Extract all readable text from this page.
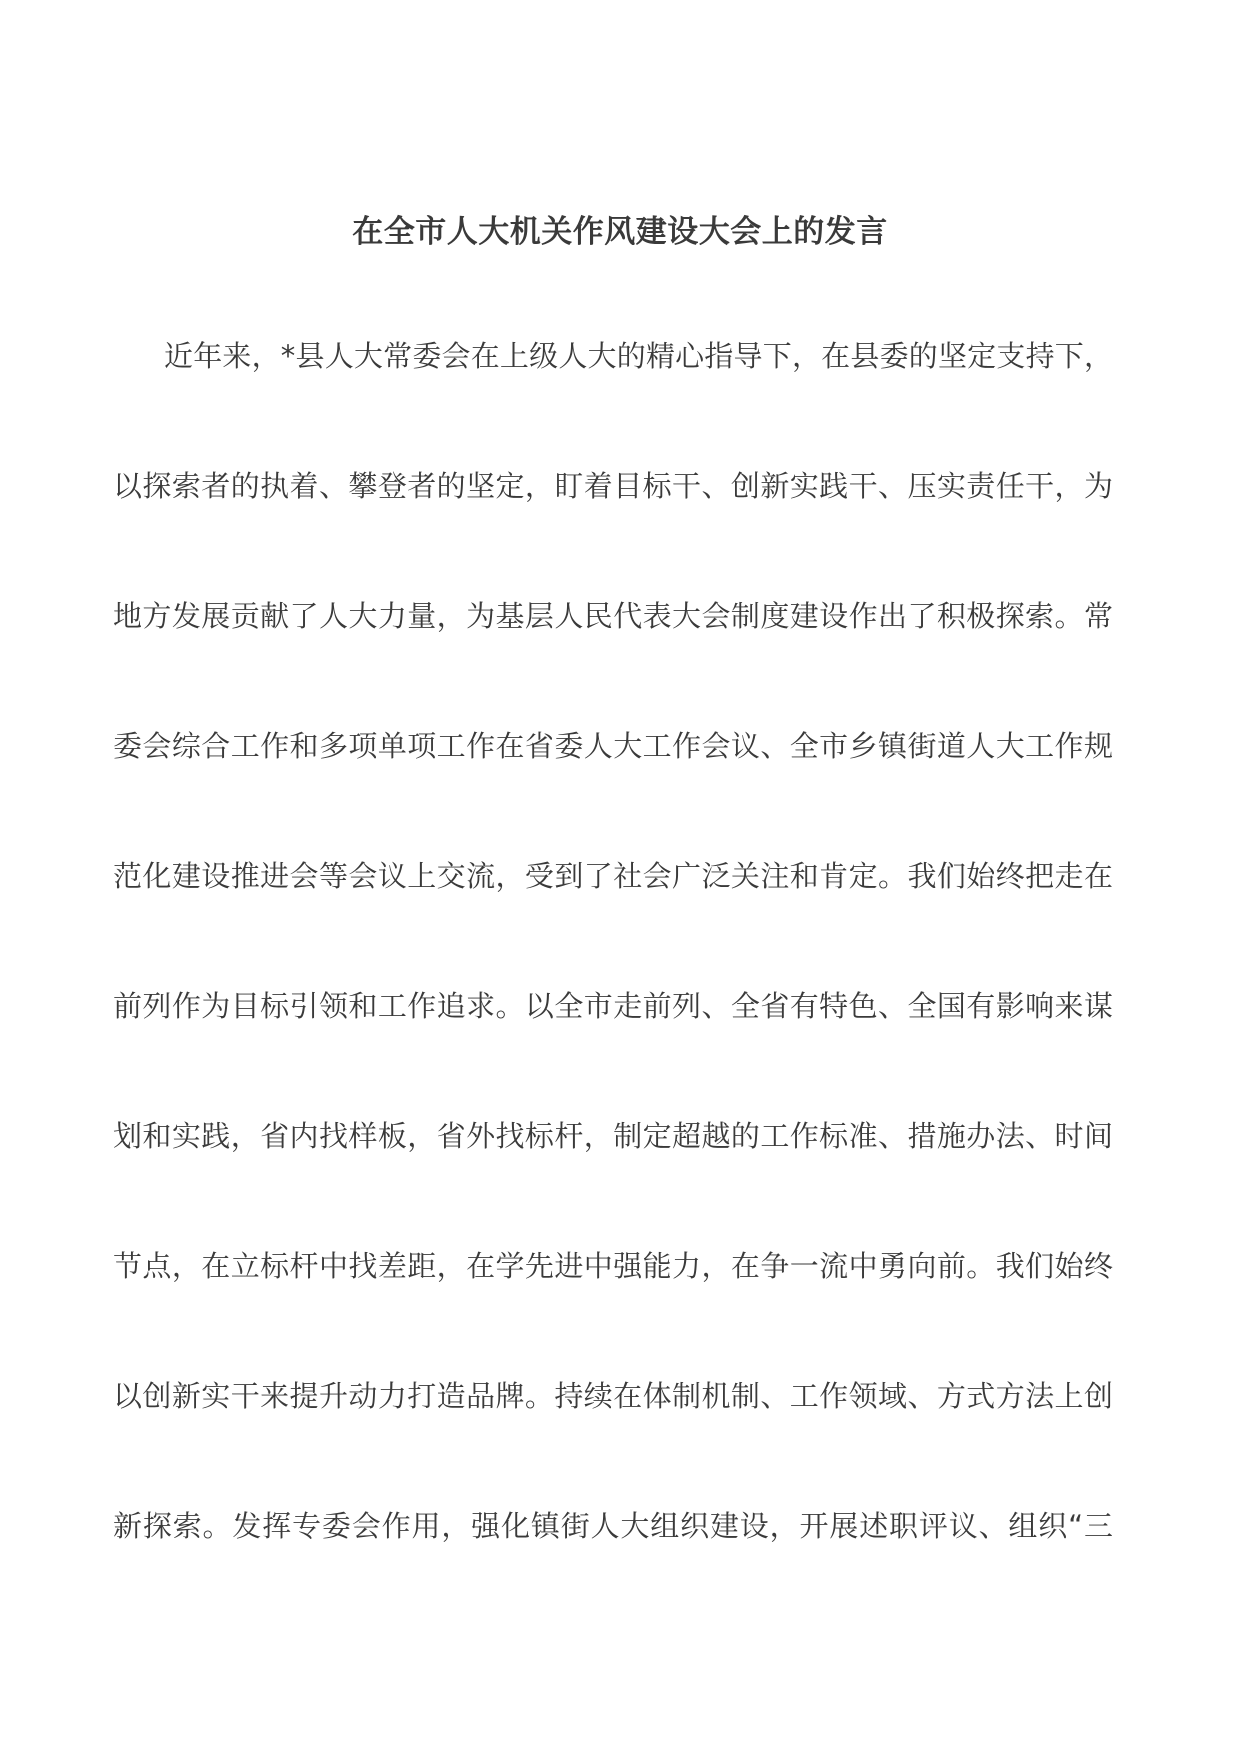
在全市人大机关作风建设大会上的发言
近年来，*县人大常委会在上级人大的精心指导下，在县委的坚定支持下，
以探索者的执着、攀登者的坚定，盯着目标干、创新实践干、压实责任干，为
地方发展贡献了人大力量，为基层人民代表大会制度建设作出了积极探索。常
委会综合工作和多项单项工作在省委人大工作会议、全市乡镇街道人大工作规
范化建设推进会等会议上交流，受到了社会广泛关注和肯定。我们始终把走在
前列作为目标引领和工作追求。以全市走前列、全省有特色、全国有影响来谋
划和实践，省内找样板，省外找标杆，制定超越的工作标准、措施办法、时间
节点，在立标杆中找差距，在学先进中强能力，在争一流中勇向前。我们始终
以创新实干来提升动力打造品牌。持续在体制机制、工作领域、方式方法上创
新探索。发挥专委会作用，强化镇街人大组织建设，开展述职评议、组织“三
